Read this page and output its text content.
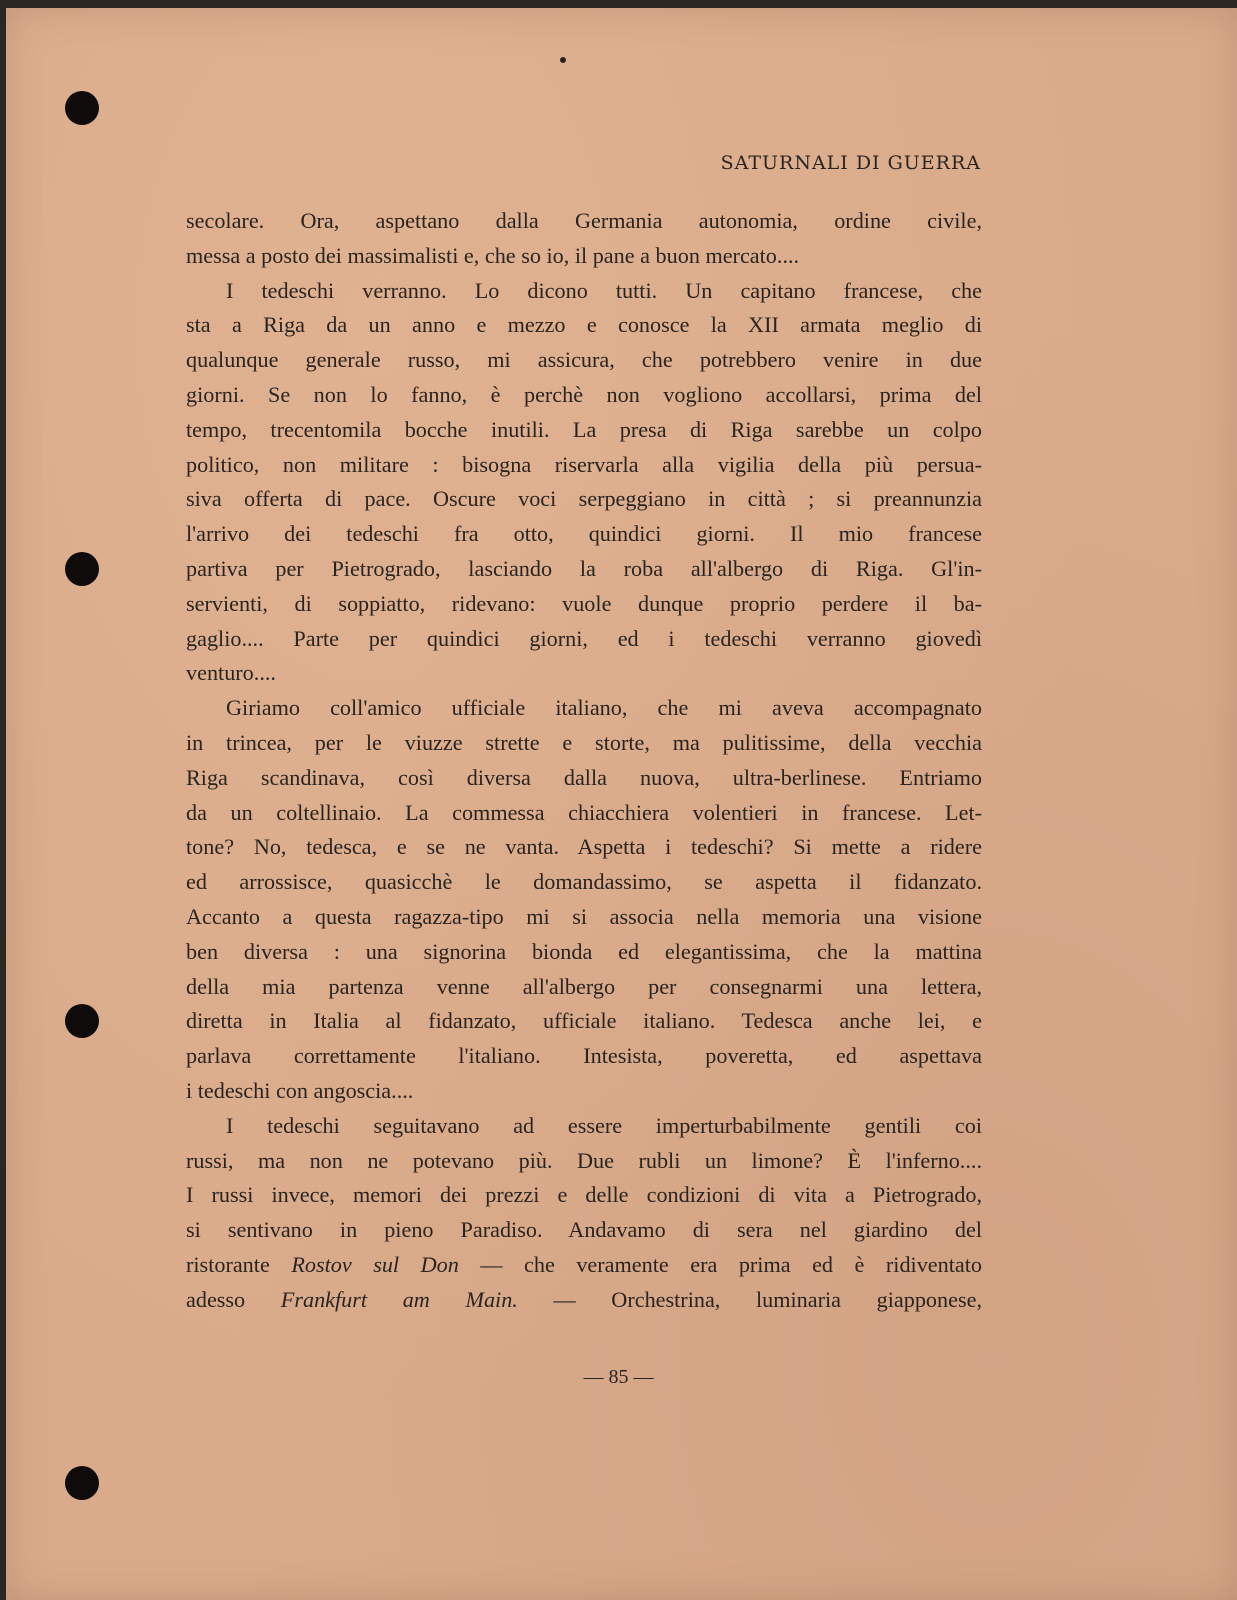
SATURNALI DI GUERRA
secolare. Ora, aspettano dalla Germania autonomia, ordine civile,
messa a posto dei massimalisti e, che so io, il pane a buon mercato....
I tedeschi verranno. Lo dicono tutti. Un capitano francese, che
sta a Riga da un anno e mezzo e conosce la XII armata meglio di
qualunque generale russo, mi assicura, che potrebbero venire in due
giorni. Se non lo fanno, è perchè non vogliono accollarsi, prima del
tempo, trecentomila bocche inutili. La presa di Riga sarebbe un colpo
politico, non militare : bisogna riservarla alla vigilia della più persua-
siva offerta di pace. Oscure voci serpeggiano in città ; si preannunzia
l'arrivo dei tedeschi fra otto, quindici giorni. Il mio francese
partiva per Pietrogrado, lasciando la roba all'albergo di Riga. Gl'in-
servienti, di soppiatto, ridevano: vuole dunque proprio perdere il ba-
gaglio.... Parte per quindici giorni, ed i tedeschi verranno giovedì
venturo....
Giriamo coll'amico ufficiale italiano, che mi aveva accompagnato
in trincea, per le viuzze strette e storte, ma pulitissime, della vecchia
Riga scandinava, così diversa dalla nuova, ultra-berlinese. Entriamo
da un coltellinaio. La commessa chiacchiera volentieri in francese. Let-
tone? No, tedesca, e se ne vanta. Aspetta i tedeschi? Si mette a ridere
ed arrossisce, quasicchè le domandassimo, se aspetta il fidanzato.
Accanto a questa ragazza-tipo mi si associa nella memoria una visione
ben diversa : una signorina bionda ed elegantissima, che la mattina
della mia partenza venne all'albergo per consegnarmi una lettera,
diretta in Italia al fidanzato, ufficiale italiano. Tedesca anche lei, e
parlava correttamente l'italiano. Intesista, poveretta, ed aspettava
i tedeschi con angoscia....
I tedeschi seguitavano ad essere imperturbabilmente gentili coi
russi, ma non ne potevano più. Due rubli un limone? È l'inferno....
I russi invece, memori dei prezzi e delle condizioni di vita a Pietrogrado,
si sentivano in pieno Paradiso. Andavamo di sera nel giardino del
ristorante Rostov sul Don — che veramente era prima ed è ridiventato
adesso Frankfurt am Main. — Orchestrina, luminaria giapponese,
— 85 —
